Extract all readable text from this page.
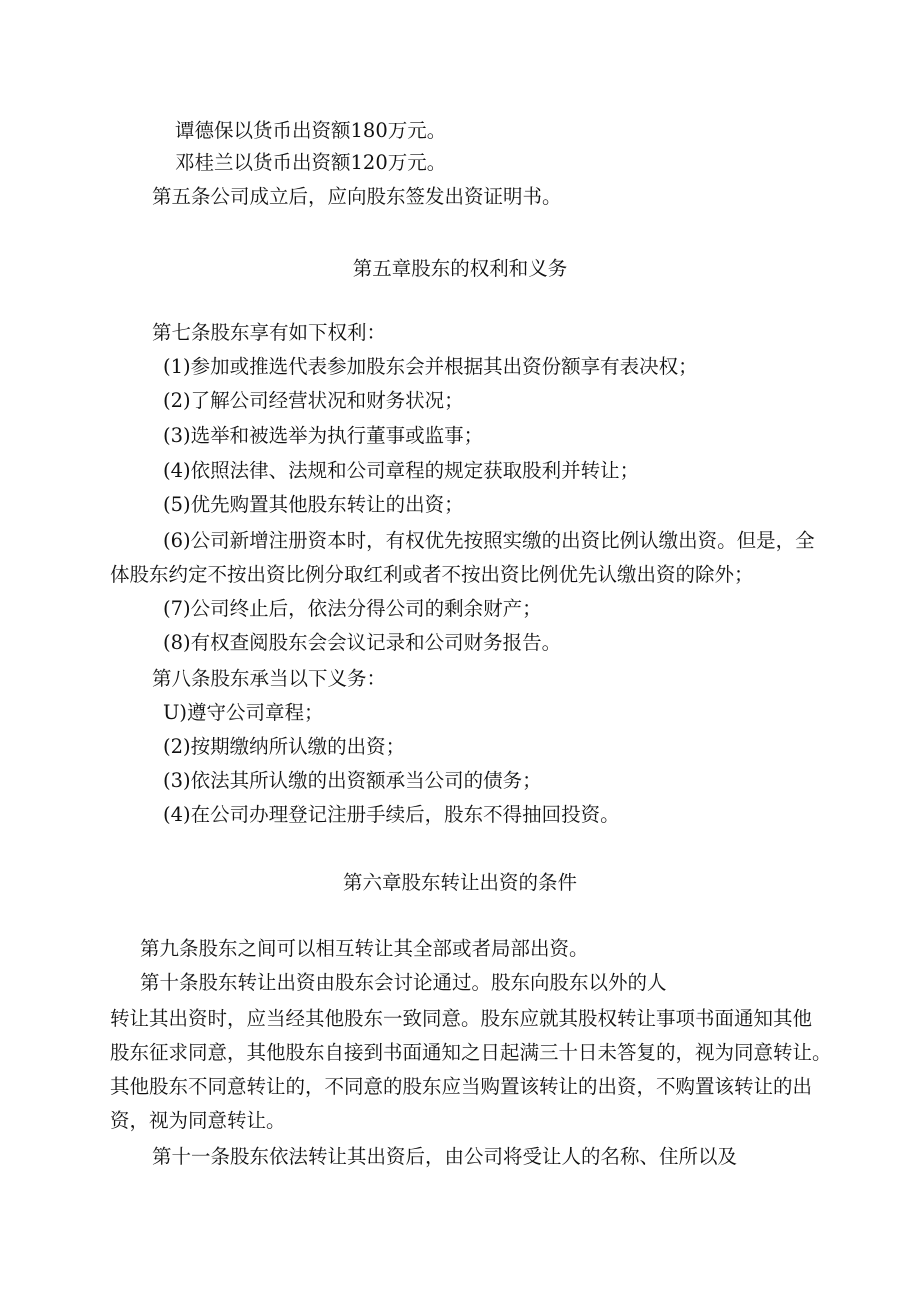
谭德保以货币出资额180万元。
邓桂兰以货币出资额120万元。
第五条公司成立后，应向股东签发出资证明书。
第五章股东的权利和义务
第七条股东享有如下权利：
(1)参加或推选代表参加股东会并根据其出资份额享有表决权；
(2)了解公司经营状况和财务状况；
(3)选举和被选举为执行董事或监事；
(4)依照法律、法规和公司章程的规定获取股利并转让；
(5)优先购置其他股东转让的出资；
(6)公司新增注册资本时，有权优先按照实缴的出资比例认缴出资。但是，全
体股东约定不按出资比例分取红利或者不按出资比例优先认缴出资的除外；
(7)公司终止后，依法分得公司的剩余财产；
(8)有权查阅股东会会议记录和公司财务报告。
第八条股东承当以下义务：
U)遵守公司章程；
(2)按期缴纳所认缴的出资；
(3)依法其所认缴的出资额承当公司的债务；
(4)在公司办理登记注册手续后，股东不得抽回投资。
第六章股东转让出资的条件
第九条股东之间可以相互转让其全部或者局部出资。
第十条股东转让出资由股东会讨论通过。股东向股东以外的人
转让其出资时，应当经其他股东一致同意。股东应就其股权转让事项书面通知其他
股东征求同意，其他股东自接到书面通知之日起满三十日未答复的，视为同意转让。
其他股东不同意转让的，不同意的股东应当购置该转让的出资，不购置该转让的出
资，视为同意转让。
第十一条股东依法转让其出资后，由公司将受让人的名称、住所以及
